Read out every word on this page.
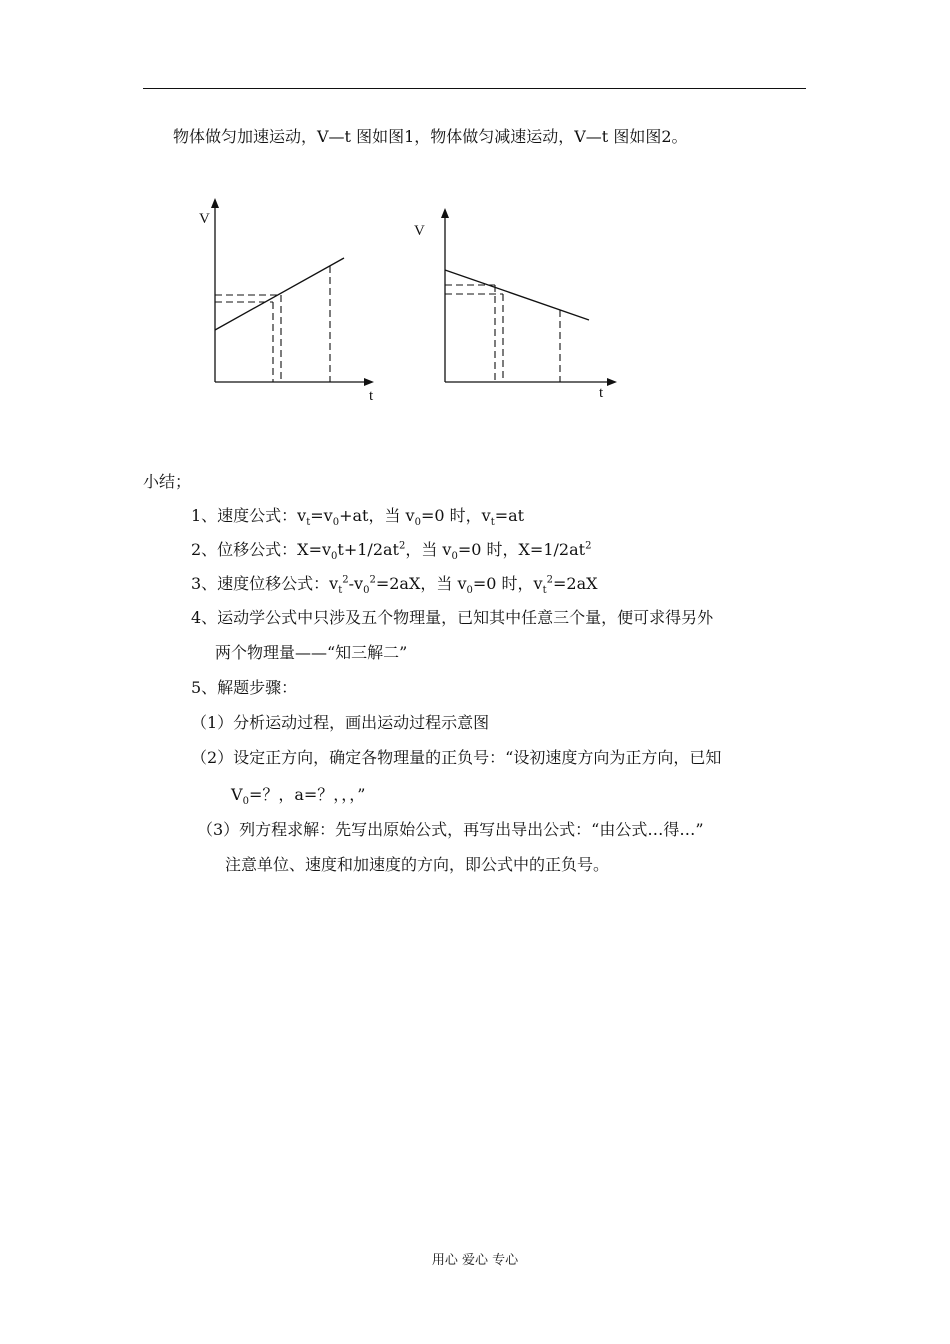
物体做匀加速运动，V—t 图如图1，物体做匀减速运动，V—t 图如图2。
V
t
V
t
小结；
1、速度公式：$v_t=v_0+at$，当 $v_0=0$ 时，$v_t=at$
2、位移公式：$X=v_0t+1/2at^2$，当 $v_0=0$ 时，$X=1/2at^2$
3、速度位移公式：$v_t^2-v_0^2=2aX$，当 $v_0=0$ 时，$v_t^2=2aX$
4、运动学公式中只涉及五个物理量，已知其中任意三个量，便可求得另外
两个物理量——“知三解二”
5、解题步骤：
（1）分析运动过程，画出运动过程示意图
（2）设定正方向，确定各物理量的正负号：“设初速度方向为正方向，已知
$V_0=$？，a=？，，，”
（3）列方程求解：先写出原始公式，再写出导出公式：“由公式…得…”
注意单位、速度和加速度的方向，即公式中的正负号。
用心 爱心 专心
